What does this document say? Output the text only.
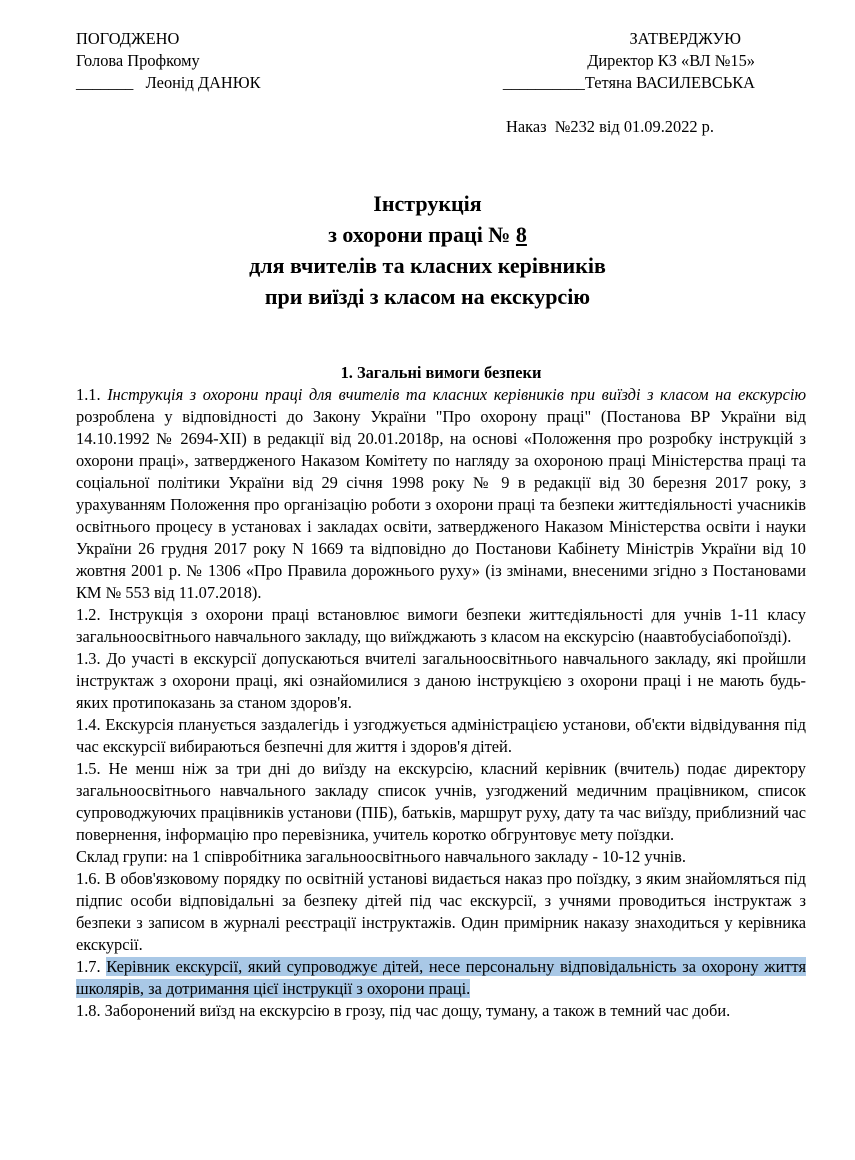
ПОГОДЖЕНО
Голова Профкому
_______   Леонід ДАНЮК
ЗАТВЕРДЖУЮ
Директор КЗ «ВЛ №15»
__________Тетяна ВАСИЛЕВСЬКА
Наказ  №232 від 01.09.2022 р.
Інструкція
з охорони праці № 8
для вчителів та класних керівників
при виїзді з класом на екскурсію
1. Загальні вимоги безпеки

1.1. Інструкція з охорони праці для вчителів та класних керівників при виїзді з класом на екскурсію розроблена у відповідності до Закону України "Про охорону праці" (Постанова ВР України від 14.10.1992 № 2694-XII) в редакції від 20.01.2018р, на основі «Положення про розробку інструкцій з охорони праці», затвердженого Наказом Комітету по нагляду за охороною праці Міністерства праці та соціальної політики України від 29 січня 1998 року № 9 в редакції від 30 березня 2017 року, з урахуванням Положення про організацію роботи з охорони праці та безпеки життєдіяльності учасників освітнього процесу в установах і закладах освіти, затвердженого Наказом Міністерства освіти і науки України 26 грудня 2017 року N 1669 та відповідно до Постанови Кабінету Міністрів України від 10 жовтня 2001 р. № 1306 «Про Правила дорожнього руху» (із змінами, внесеними згідно з Постановами КМ № 553 від 11.07.2018).

1.2. Інструкція з охорони праці встановлює вимоги безпеки життєдіяльності для учнів 1-11 класу загальноосвітнього навчального закладу, що виїжджають з класом на екскурсію (наавтобусіабопоїзді).

1.3. До участі в екскурсії допускаються вчителі загальноосвітнього навчального закладу, які пройшли інструктаж з охорони праці, які ознайомилися з даною інструкцією з охорони праці і не мають будь-яких протипоказань за станом здоров'я.

1.4. Екскурсія планується заздалегідь і узгоджується адміністрацією установи, об'єкти відвідування під час екскурсії вибираються безпечні для життя і здоров'я дітей.

1.5. Не менш ніж за три дні до виїзду на екскурсію, класний керівник (вчитель) подає директору загальноосвітнього навчального закладу список учнів, узгоджений медичним працівником, список супроводжуючих працівників установи (ПІБ), батьків, маршрут руху, дату та час виїзду, приблизний час повернення, інформацію про перевізника, учитель коротко обгрунтовує мету поїздки.

Склад групи: на 1 співробітника загальноосвітнього навчального закладу - 10-12 учнів.

1.6. В обов'язковому порядку по освітній установі видається наказ про поїздку, з яким знайомляться під підпис особи відповідальні за безпеку дітей під час екскурсії, з учнями проводиться інструктаж з безпеки з записом в журналі реєстрації інструктажів. Один примірник наказу знаходиться у керівника екскурсії.

1.7. Керівник екскурсії, який супроводжує дітей, несе персональну відповідальність за охорону життя школярів, за дотримання цієї інструкції з охорони праці.

1.8. Заборонений виїзд на екскурсію в грозу, під час дощу, туману, а також в темний час доби.
